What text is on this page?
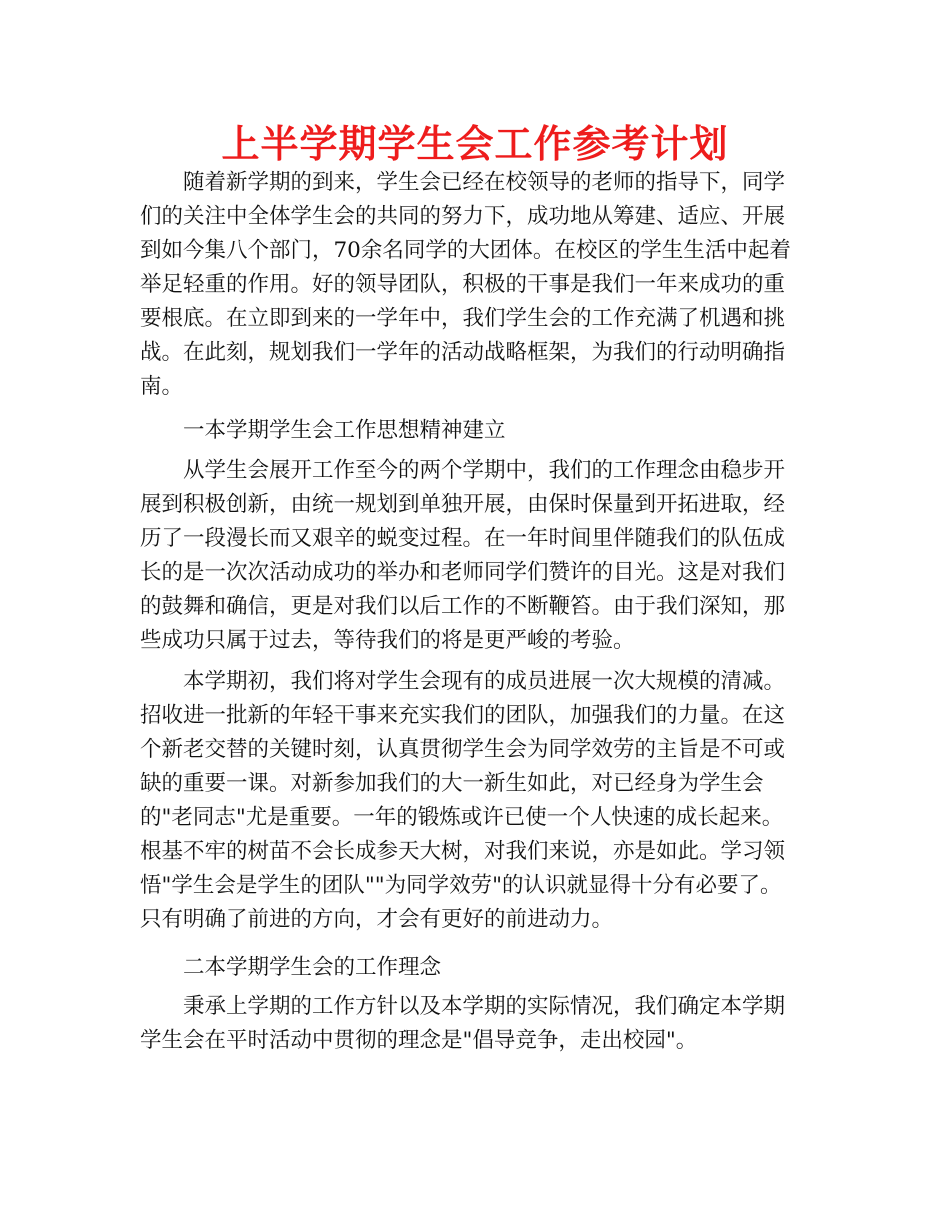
上半学期学生会工作参考计划
随着新学期的到来，学生会已经在校领导的老师的指导下，同学
们的关注中全体学生会的共同的努力下，成功地从筹建、适应、开展
到如今集八个部门，70余名同学的大团体。在校区的学生生活中起着
举足轻重的作用。好的领导团队，积极的干事是我们一年来成功的重
要根底。在立即到来的一学年中，我们学生会的工作充满了机遇和挑
战。在此刻，规划我们一学年的活动战略框架，为我们的行动明确指
南。
一本学期学生会工作思想精神建立
从学生会展开工作至今的两个学期中，我们的工作理念由稳步开
展到积极创新，由统一规划到单独开展，由保时保量到开拓进取，经
历了一段漫长而又艰辛的蜕变过程。在一年时间里伴随我们的队伍成
长的是一次次活动成功的举办和老师同学们赞许的目光。这是对我们
的鼓舞和确信，更是对我们以后工作的不断鞭笞。由于我们深知，那
些成功只属于过去，等待我们的将是更严峻的考验。
本学期初，我们将对学生会现有的成员进展一次大规模的清减。
招收进一批新的年轻干事来充实我们的团队，加强我们的力量。在这
个新老交替的关键时刻，认真贯彻学生会为同学效劳的主旨是不可或
缺的重要一课。对新参加我们的大一新生如此，对已经身为学生会
的"老同志"尤是重要。一年的锻炼或许已使一个人快速的成长起来。
根基不牢的树苗不会长成参天大树，对我们来说，亦是如此。学习领
悟"学生会是学生的团队""为同学效劳"的认识就显得十分有必要了。
只有明确了前进的方向，才会有更好的前进动力。
二本学期学生会的工作理念
秉承上学期的工作方针以及本学期的实际情况，我们确定本学期
学生会在平时活动中贯彻的理念是"倡导竞争，走出校园"。
